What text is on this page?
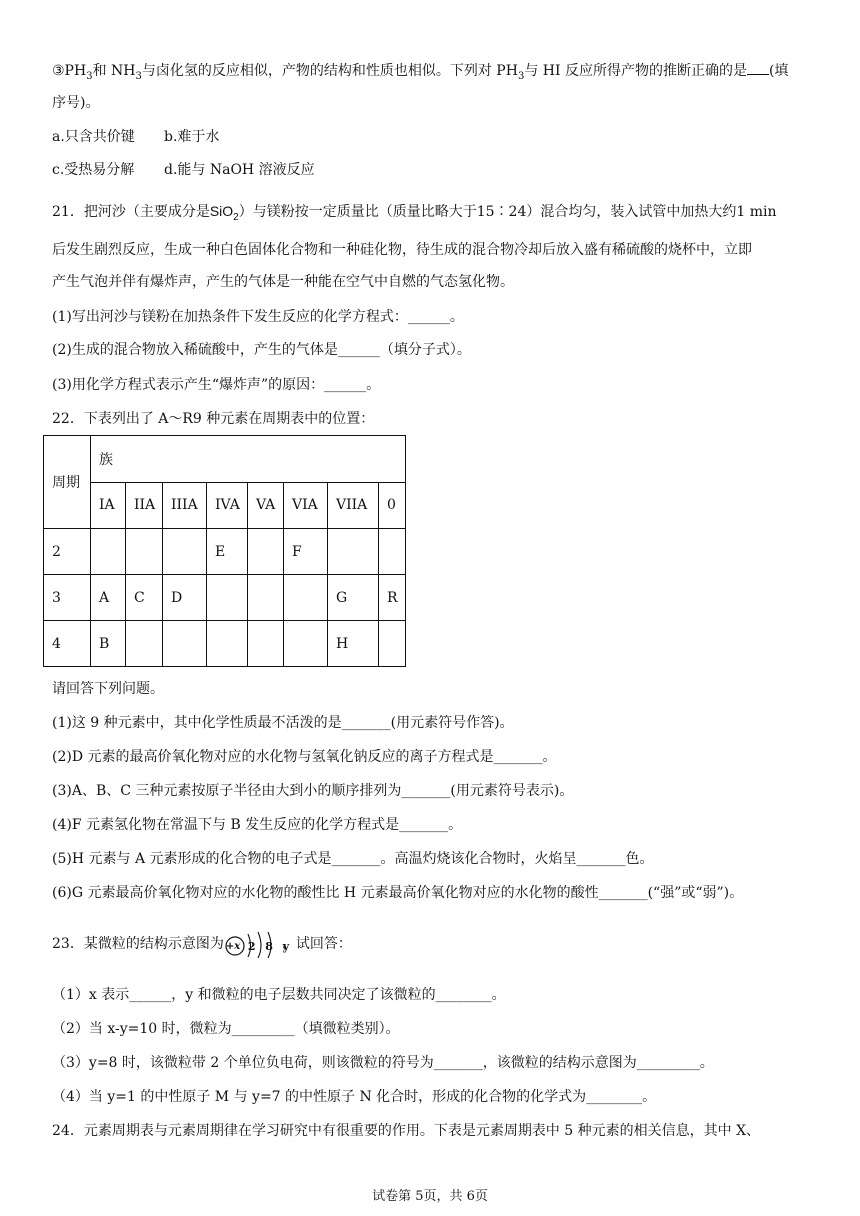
$③PH_3$和 $NH_3$与卤化氢的反应相似，产物的结构和性质也相似。下列对 $PH_3$与 HI 反应所得产物的推断正确的是 (填
序号)。
a.只含共价键 b.难于水
c.受热易分解 d.能与 NaOH 溶液反应
21．把河沙（主要成分是SiO$_2$）与镁粉按一定质量比（质量比略大于15∶24）混合均匀，装入试管中加热大约1 min
后发生剧烈反应，生成一种白色固体化合物和一种硅化物，待生成的混合物冷却后放入盛有稀硫酸的烧杯中，立即
产生气泡并伴有爆炸声，产生的气体是一种能在空气中自燃的气态氢化物。
(1)写出河沙与镁粉在加热条件下发生反应的化学方程式：______。
(2)生成的混合物放入稀硫酸中，产生的气体是______（填分子式）。
(3)用化学方程式表示产生“爆炸声”的原因：______。
22．下表列出了 A～R9 种元素在周期表中的位置：
周期	族							
	IA	IIA	IIIA	IVA	VA	VIA	VIIA	0
2				E		F		
3	A	C	D				G	R
4	B						H	
请回答下列问题。
(1)这 9 种元素中，其中化学性质最不活泼的是_______(用元素符号作答)。
(2)D 元素的最高价氧化物对应的水化物与氢氧化钠反应的离子方程式是_______。
(3)A、B、C 三种元素按原子半径由大到小的顺序排列为_______(用元素符号表示)。
(4)F 元素氢化物在常温下与 B 发生反应的化学方程式是_______。
(5)H 元素与 A 元素形成的化合物的电子式是_______。高温灼烧该化合物时，火焰呈_______色。
(6)G 元素最高价氧化物对应的水化物的酸性比 H 元素最高价氧化物对应的水化物的酸性_______(“强”或“弱”)。
23．某微粒的结构示意图为 +x 2 8 y
，试回答：
（1）x 表示______，y 和微粒的电子层数共同决定了该微粒的________。
（2）当 x-y=10 时，微粒为_________（填微粒类别）。
（3）y=8 时，该微粒带 2 个单位负电荷，则该微粒的符号为_______，该微粒的结构示意图为_________。
（4）当 y=1 的中性原子 M 与 y=7 的中性原子 N 化合时，形成的化合物的化学式为________。
24．元素周期表与元素周期律在学习研究中有很重要的作用。下表是元素周期表中 5 种元素的相关信息，其中 X、
试卷第 5页，共 6页
